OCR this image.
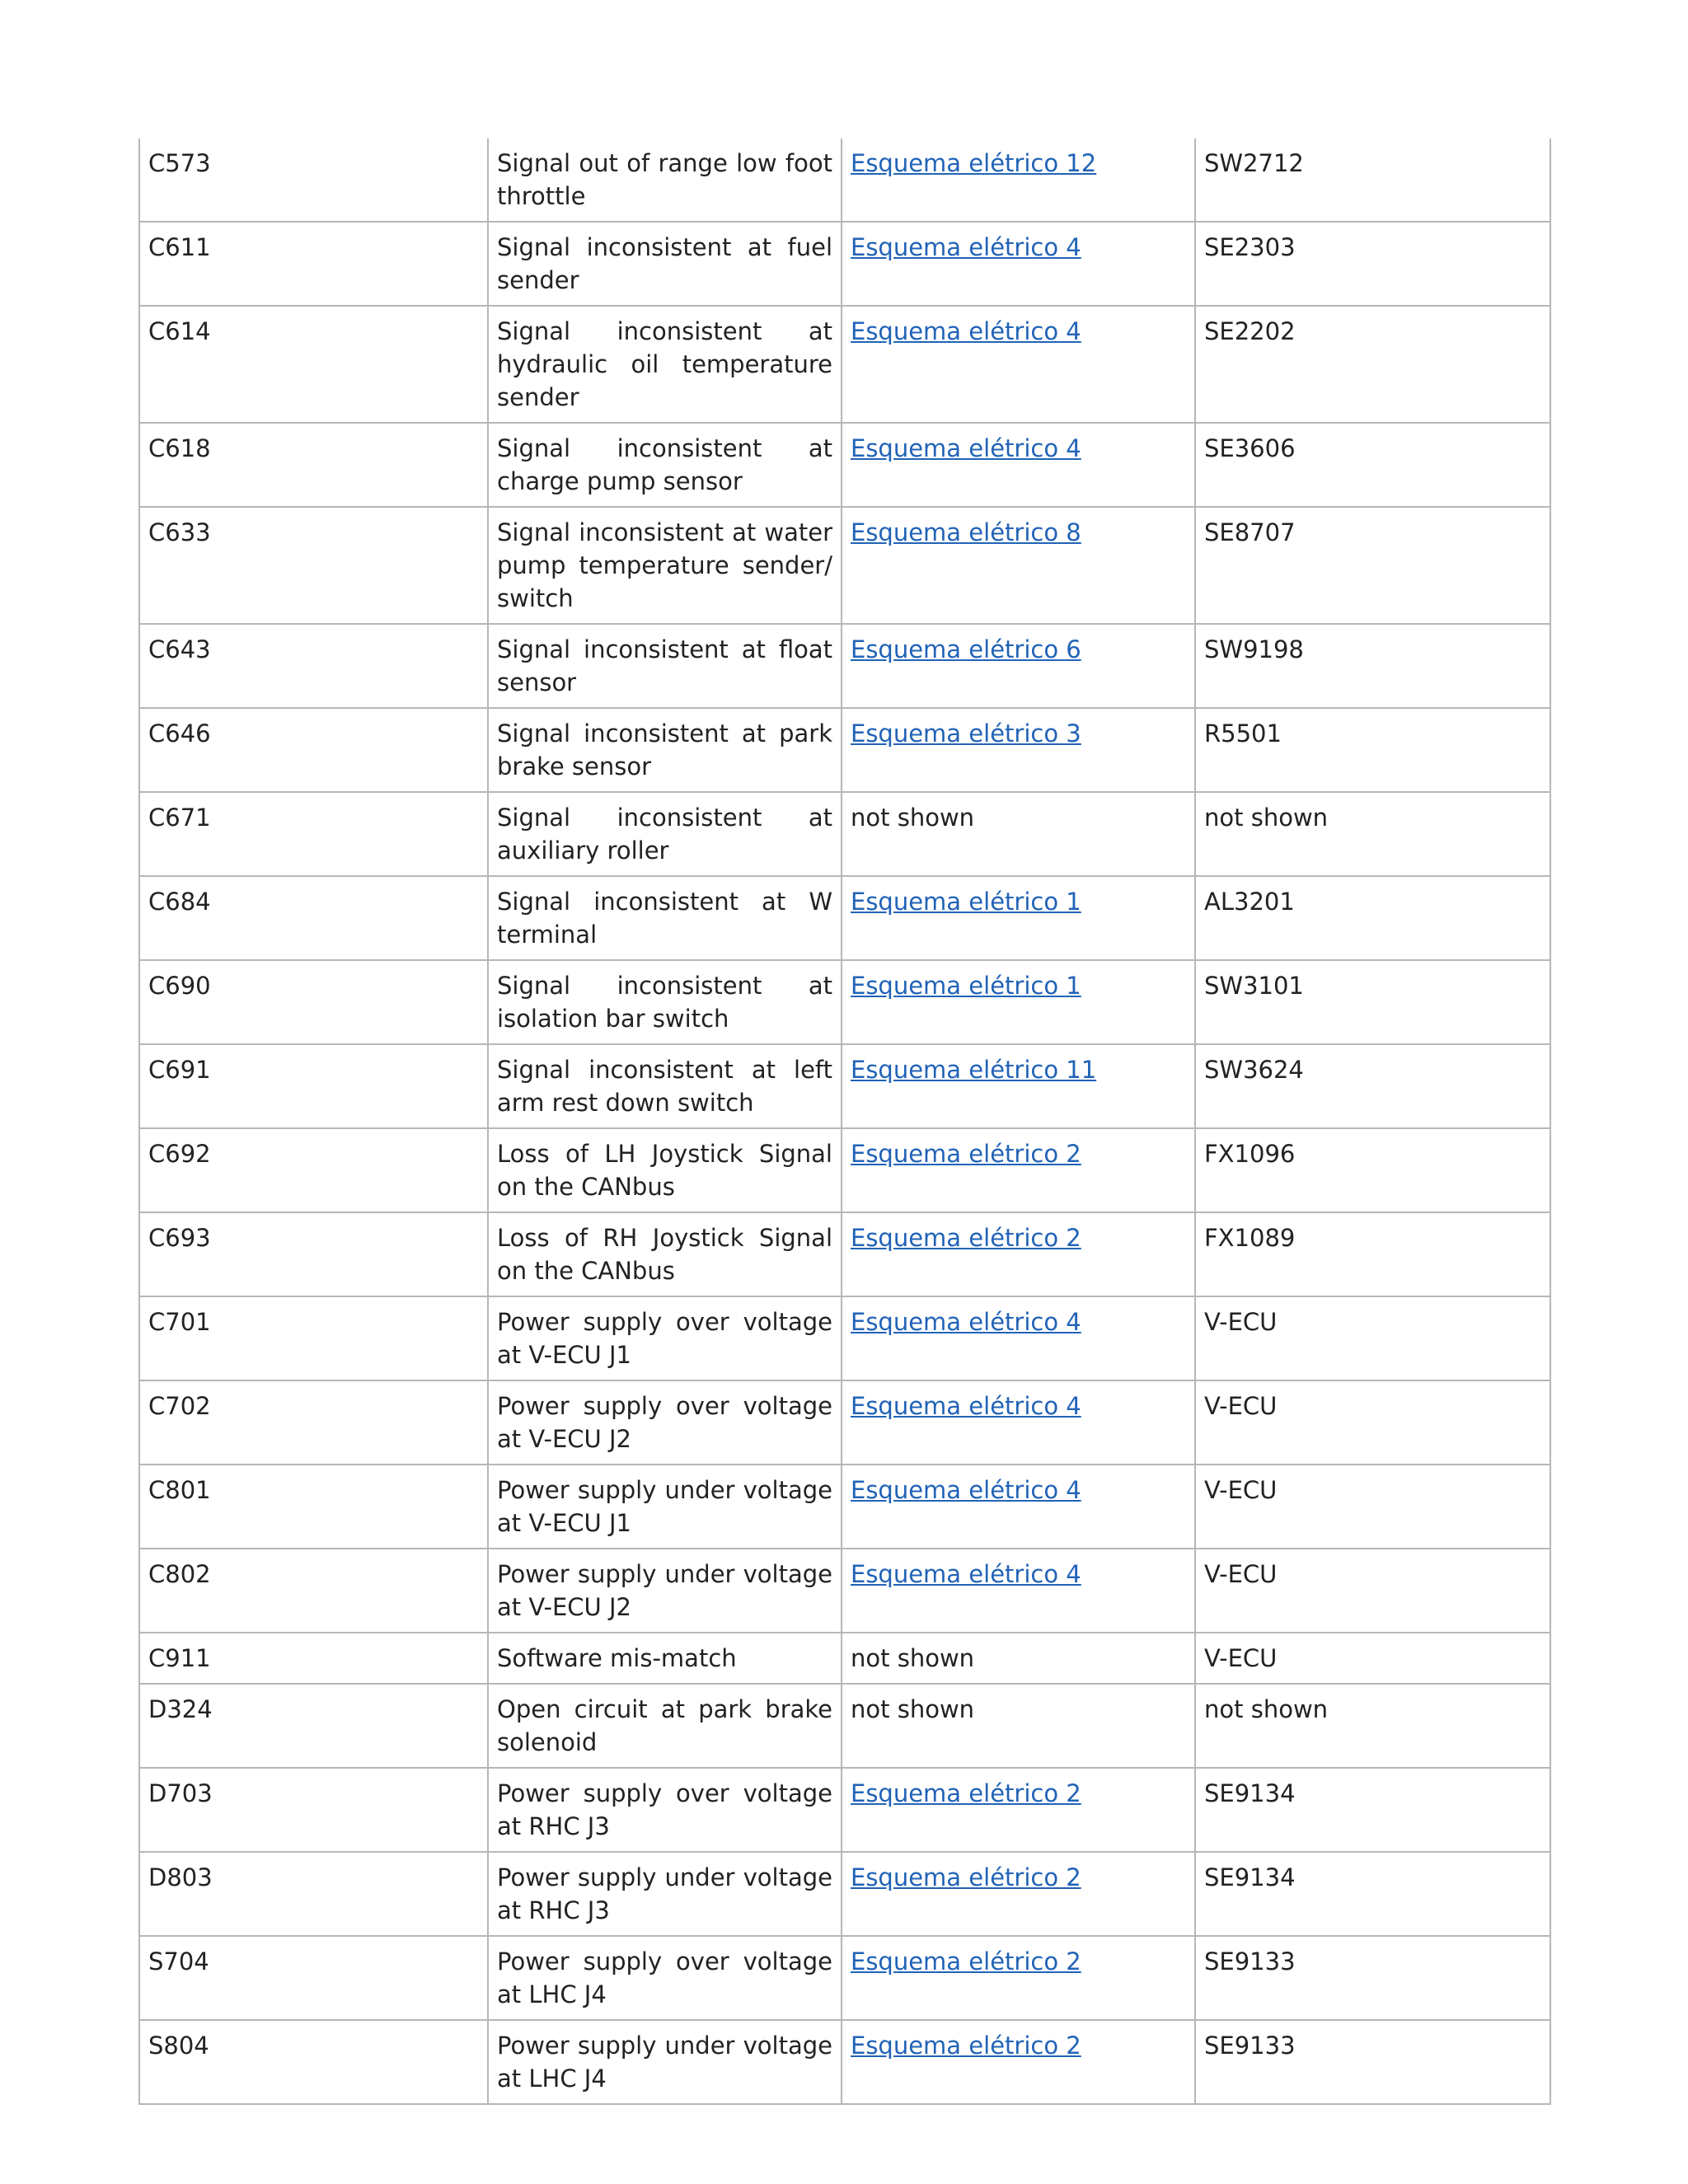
C573	Signal out of range low foot throttle	Esquema elétrico 12	SW2712
C611	Signal inconsistent at fuel sender	Esquema elétrico 4	SE2303
C614	Signal inconsistent at hydraulic oil temperature sender	Esquema elétrico 4	SE2202
C618	Signal inconsistent at charge pump sensor	Esquema elétrico 4	SE3606
C633	Signal inconsistent at water pump temperature sender/ switch	Esquema elétrico 8	SE8707
C643	Signal inconsistent at float sensor	Esquema elétrico 6	SW9198
C646	Signal inconsistent at park brake sensor	Esquema elétrico 3	R5501
C671	Signal inconsistent at auxiliary roller	not shown	not shown
C684	Signal inconsistent at W terminal	Esquema elétrico 1	AL3201
C690	Signal inconsistent at isolation bar switch	Esquema elétrico 1	SW3101
C691	Signal inconsistent at left arm rest down switch	Esquema elétrico 11	SW3624
C692	Loss of LH Joystick Signal on the CANbus	Esquema elétrico 2	FX1096
C693	Loss of RH Joystick Signal on the CANbus	Esquema elétrico 2	FX1089
C701	Power supply over voltage at V-ECU J1	Esquema elétrico 4	V-ECU
C702	Power supply over voltage at V-ECU J2	Esquema elétrico 4	V-ECU
C801	Power supply under voltage at V-ECU J1	Esquema elétrico 4	V-ECU
C802	Power supply under voltage at V-ECU J2	Esquema elétrico 4	V-ECU
C911	Software mis-match	not shown	V-ECU
D324	Open circuit at park brake solenoid	not shown	not shown
D703	Power supply over voltage at RHC J3	Esquema elétrico 2	SE9134
D803	Power supply under voltage at RHC J3	Esquema elétrico 2	SE9134
S704	Power supply over voltage at LHC J4	Esquema elétrico 2	SE9133
S804	Power supply under voltage at LHC J4	Esquema elétrico 2	SE9133
